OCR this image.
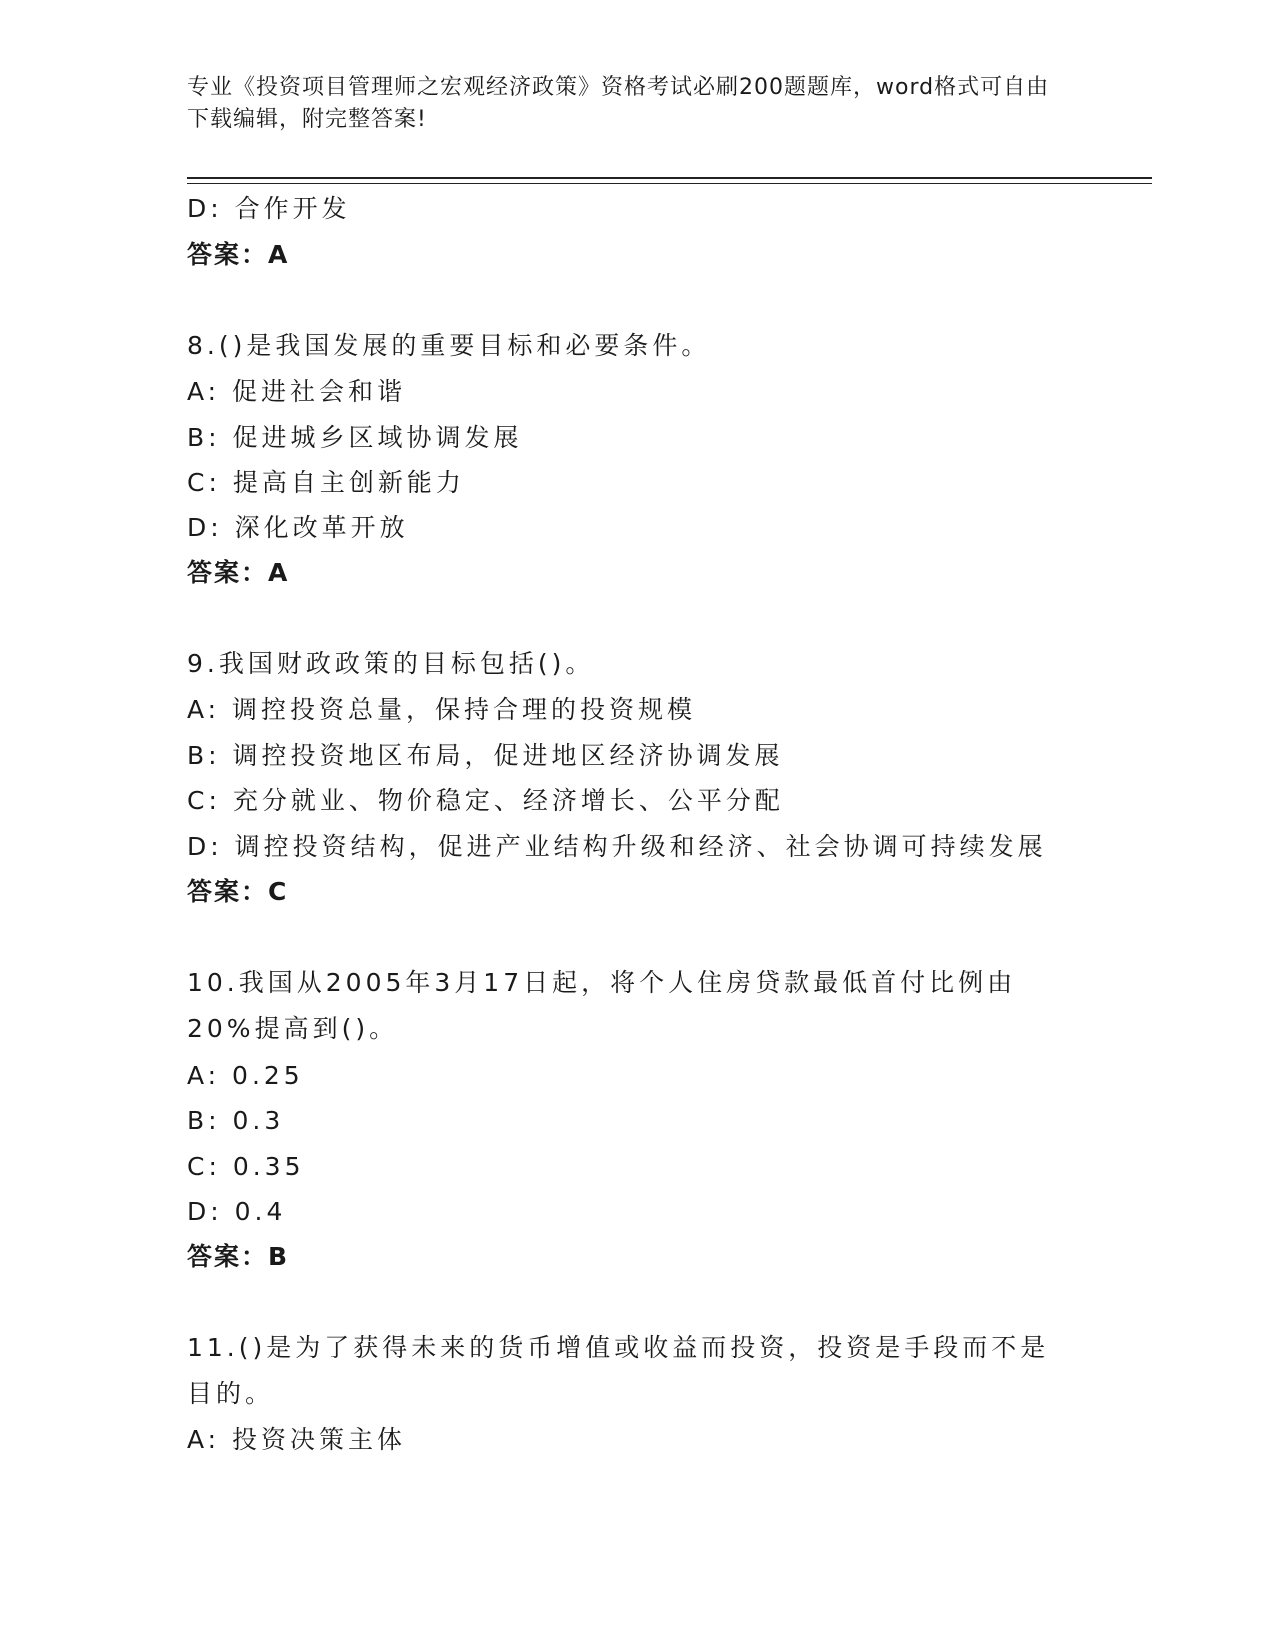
专业《投资项目管理师之宏观经济政策》资格考试必刷200题题库，word格式可自由下载编辑，附完整答案!
D: 合作开发
答案：A
8.()是我国发展的重要目标和必要条件。
A: 促进社会和谐
B: 促进城乡区域协调发展
C: 提高自主创新能力
D: 深化改革开放
答案：A
9.我国财政政策的目标包括()。
A: 调控投资总量，保持合理的投资规模
B: 调控投资地区布局，促进地区经济协调发展
C: 充分就业、物价稳定、经济增长、公平分配
D: 调控投资结构，促进产业结构升级和经济、社会协调可持续发展
答案：C
10.我国从2005年3月17日起，将个人住房贷款最低首付比例由20%提高到()。
A: 0.25
B: 0.3
C: 0.35
D: 0.4
答案：B
11.()是为了获得未来的货币增值或收益而投资，投资是手段而不是目的。
A: 投资决策主体
